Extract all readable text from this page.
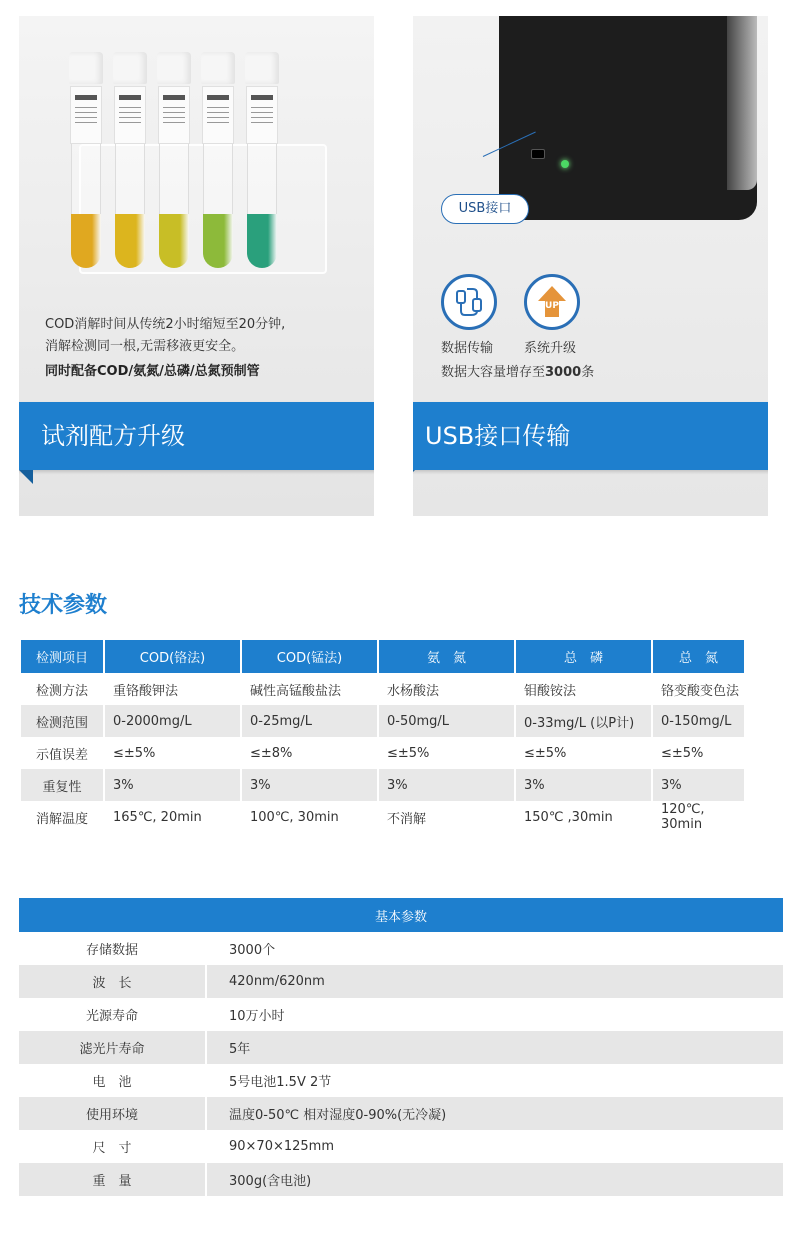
COD消解时间从传统2小时缩短至20分钟,
消解检测同一根,无需移液更安全。
同时配备COD/氨氮/总磷/总氮预制管
试剂配方升级
USB接口
数据传输
UP
系统升级
数据大容量增存至3000条
USB接口传输
技术参数
检测项目	COD(铬法)	COD(锰法)	氨　氮	总　磷	总　氮
检测方法	重铬酸钾法	碱性高锰酸盐法	水杨酸法	钼酸铵法	铬变酸变色法
检测范围	0-2000mg/L	0-25mg/L	0-50mg/L	0-33mg/L (以P计)	0-150mg/L
示值误差	≤±5%	≤±8%	≤±5%	≤±5%	≤±5%
重复性	3%	3%	3%	3%	3%
消解温度	165℃, 20min	100℃, 30min	不消解	150℃ ,30min	120℃, 30min
基本参数	
存储数据	3000个
波　长	420nm/620nm
光源寿命	10万小时
滤光片寿命	5年
电　池	5号电池1.5V 2节
使用环境	温度0-50℃ 相对湿度0-90%(无冷凝)
尺　寸	90×70×125mm
重　量	300g(含电池)
